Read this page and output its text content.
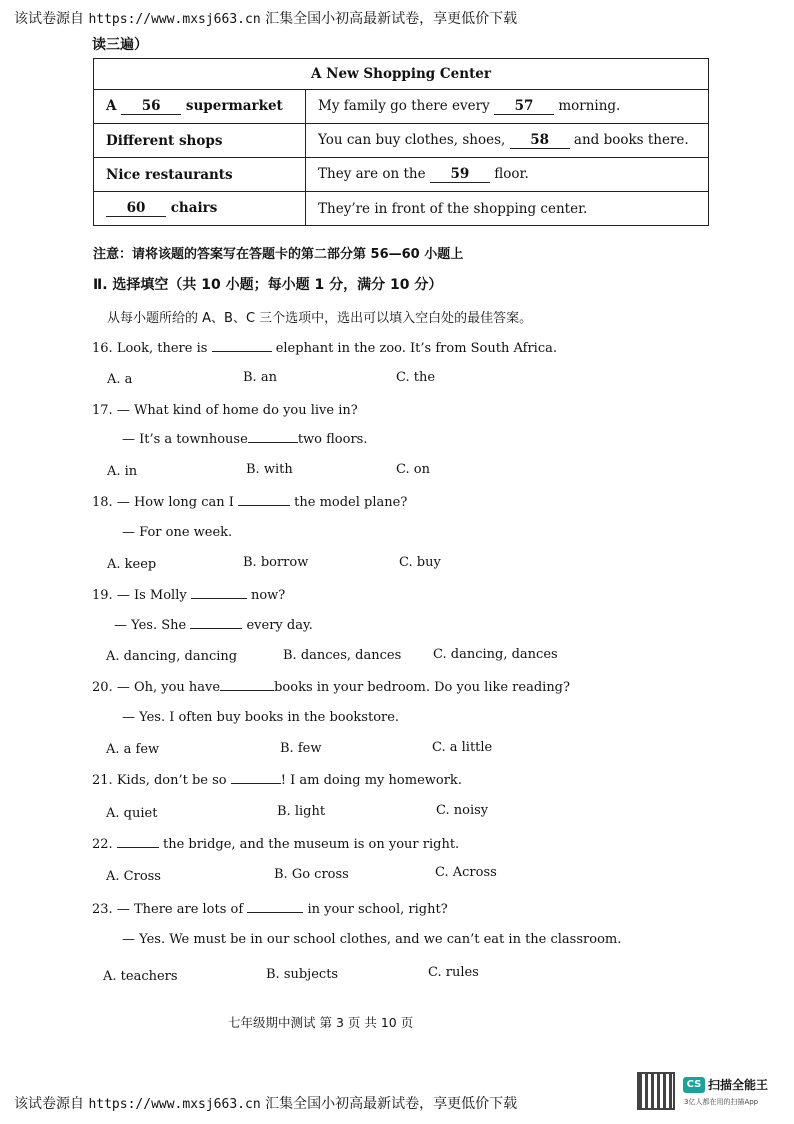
该试卷源自 https://www.mxsj663.cn 汇集全国小初高最新试卷，享更低价下载
读三遍）
A New Shopping Center	
A 56 supermarket	My family go there every 57 morning.
Different shops	You can buy clothes, shoes, 58 and books there.
Nice restaurants	They are on the 59 floor.
60 chairs	They’re in front of the shopping center.
注意：请将该题的答案写在答题卡的第二部分第 56—60 小题上
Ⅱ. 选择填空（共 10 小题；每小题 1 分，满分 10 分）
从每小题所给的 A、B、C 三个选项中，选出可以填入空白处的最佳答案。
16. Look, there is	elephant in the zoo. It’s from South Africa.
A. a	B. an	C. the
17. — What kind of home do you live in?
— It’s a townhouse	two floors.
A. in	B. with	C. on
18. — How long can I	the model plane?
— For one week.
A. keep	B. borrow	C. buy
19. — Is Molly	now?
— Yes. She	every day.
A. dancing, dancing	B. dances, dances C. dancing, dances
20. — Oh, you have	books in your bedroom. Do you like reading?
— Yes. I often buy books in the bookstore.
A. a few	B. few	C. a little
21. Kids, don’t be so	! I am doing my homework.
A. quiet	B. light	C. noisy
22.	the bridge, and the museum is on your right.
A. Cross	B. Go cross	C. Across
23. — There are lots of	in your school, right?
— Yes. We must be in our school clothes, and we can’t eat in the classroom.
A. teachers	B. subjects	C. rules
七年级期中测试 第 3 页 共 10 页
该试卷源自 https://www.mxsj663.cn 汇集全国小初高最新试卷，享更低价下载
CS 扫描全能王
3亿人都在用的扫描App
